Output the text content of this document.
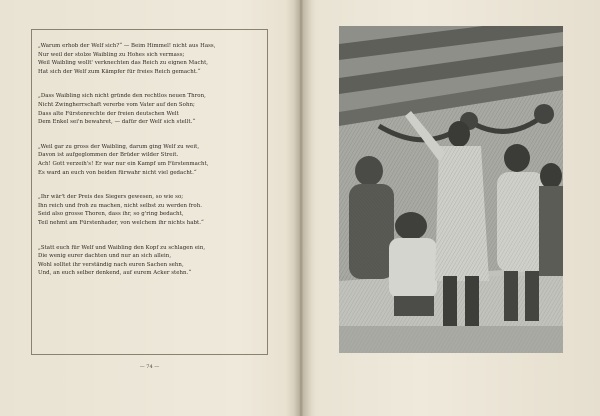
„Warum erhob der Welf sich?“ — Beim Himmel! nicht aus Hass,
Nur weil der stolze Waibling zu Hohes sich vermass;
Weil Waibling wollt' verknechten das Reich zu eignen Macht,
Hat sich der Welf zum Kämpfer für freies Reich gemacht.“
„Dass Waibling sich nicht gründe den rechtlos neuen Thron,
Nicht Zwingherrschaft vererbe vom Vater auf den Sohn;
Dass alte Fürstenrechte der freien deutschen Welt
Dem Enkel sei'n bewahret, — dafür der Welf sich stellt.“
„Weil gar zu gross der Waibling, darum ging Welf zu weit,
Davon ist aufgeglommen der Brüder wilder Streit.
Ach! Gott verzeih's! Er war nur ein Kampf um Fürstenmacht,
Es ward an euch von beiden fürwahr nicht viel gedacht.“
„Ihr wär't der Preis des Siegers gewesen, so wie so;
Ihn reich und froh zu machen, nicht selbst zu werden froh.
Seid also grosse Thoren, dass ihr, so g'ring bedacht,
Teil nehmt am Fürstenhader, von welchem ihr nichts habt.“
„Statt euch für Welf und Waibling den Kopf zu schlagen ein,
Die wenig eurer dachten und nur an sich allein,
Wohl solltet ihr verständig nach euren Sachen sehn,
Und, an euch selber denkend, auf eurem Acker stehn.“
— 74 —
